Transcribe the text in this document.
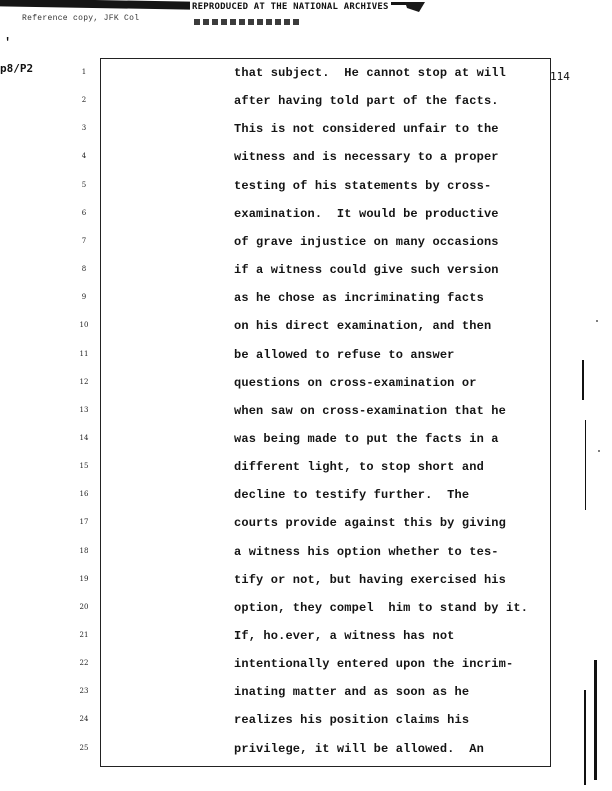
REPRODUCED AT THE NATIONAL ARCHIVES
Reference copy, JFK Col
'
p8/P2
114
1	that subject.  He cannot stop at will
2	after having told part of the facts.
3	This is not considered unfair to the
4	witness and is necessary to a proper
5	testing of his statements by cross-
6	examination.  It would be productive
7	of grave injustice on many occasions
8	if a witness could give such version
9	as he chose as incriminating facts
10	on his direct examination, and then
11	be allowed to refuse to answer
12	questions on cross-examination or
13	when saw on cross-examination that he
14	was being made to put the facts in a
15	different light, to stop short and
16	decline to testify further.  The
17	courts provide against this by giving
18	a witness his option whether to tes-
19	tify or not, but having exercised his
20	option, they compel  him to stand by it.
21	If, ho.ever, a witness has not
22	intentionally entered upon the incrim-
23	inating matter and as soon as he
24	realizes his position claims his
25	privilege, it will be allowed.  An
